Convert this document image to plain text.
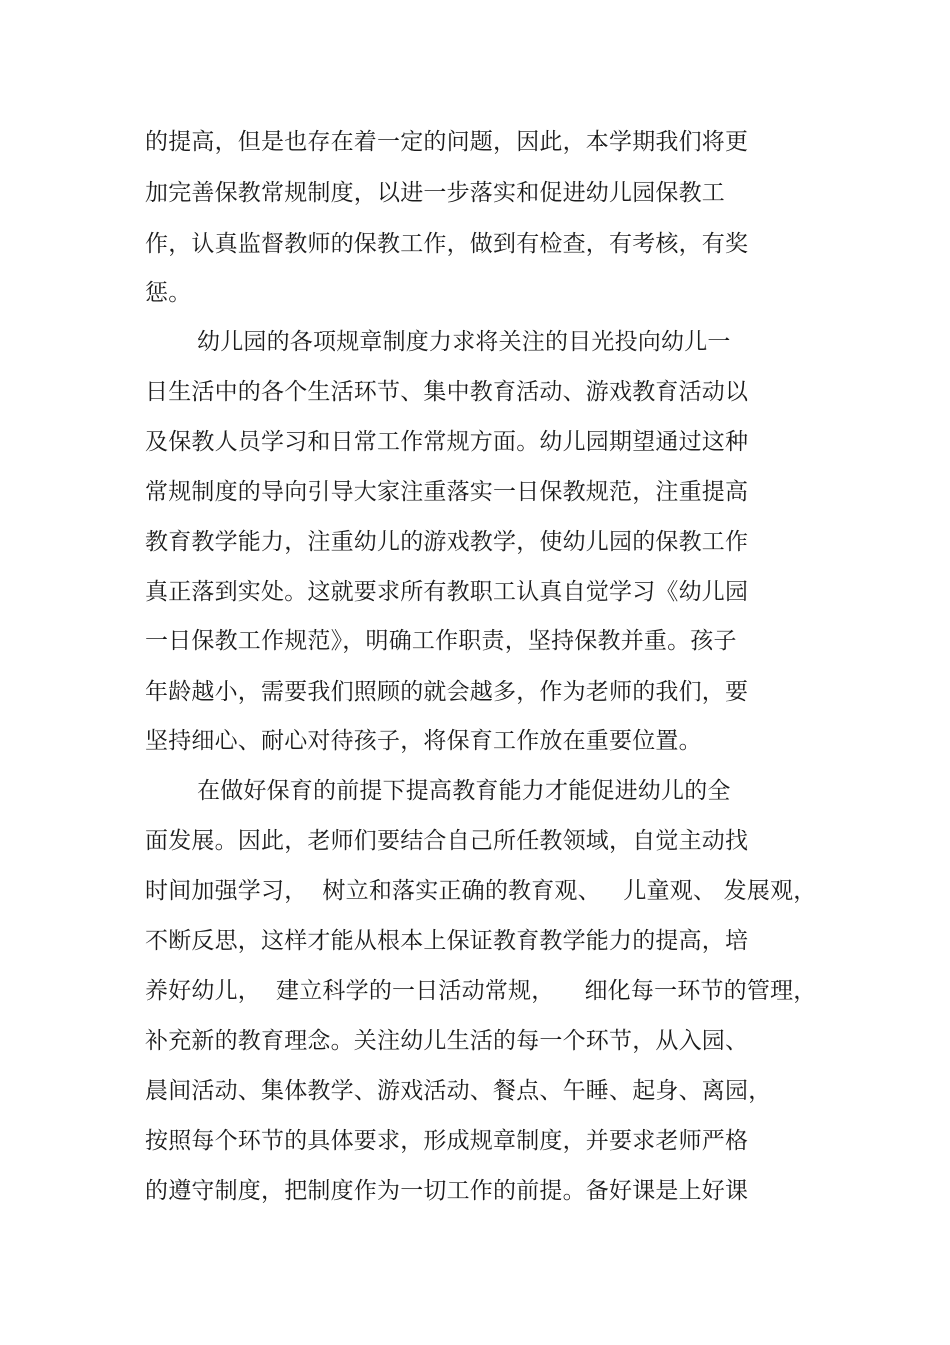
的提高，但是也存在着一定的问题，因此，本学期我们将更
加完善保教常规制度，以进一步落实和促进幼儿园保教工
作，认真监督教师的保教工作，做到有检查，有考核，有奖
惩。
幼儿园的各项规章制度力求将关注的目光投向幼儿一
日生活中的各个生活环节、集中教育活动、游戏教育活动以
及保教人员学习和日常工作常规方面。幼儿园期望通过这种
常规制度的导向引导大家注重落实一日保教规范，注重提高
教育教学能力，注重幼儿的游戏教学，使幼儿园的保教工作
真正落到实处。这就要求所有教职工认真自觉学习《幼儿园
一日保教工作规范》，明确工作职责，坚持保教并重。孩子
年龄越小，需要我们照顾的就会越多，作为老师的我们，要
坚持细心、耐心对待孩子，将保育工作放在重要位置。
在做好保育的前提下提高教育能力才能促进幼儿的全
面发展。因此，老师们要结合自己所任教领域，自觉主动找
时间加强学习，  树立和落实正确的教育观、   儿童观、 发展观，
不断反思，这样才能从根本上保证教育教学能力的提高，培
养好幼儿，  建立科学的一日活动常规，    细化每一环节的管理，
补充新的教育理念。关注幼儿生活的每一个环节，从入园、
晨间活动、集体教学、游戏活动、餐点、午睡、起身、离园，
按照每个环节的具体要求，形成规章制度，并要求老师严格
的遵守制度，把制度作为一切工作的前提。备好课是上好课
